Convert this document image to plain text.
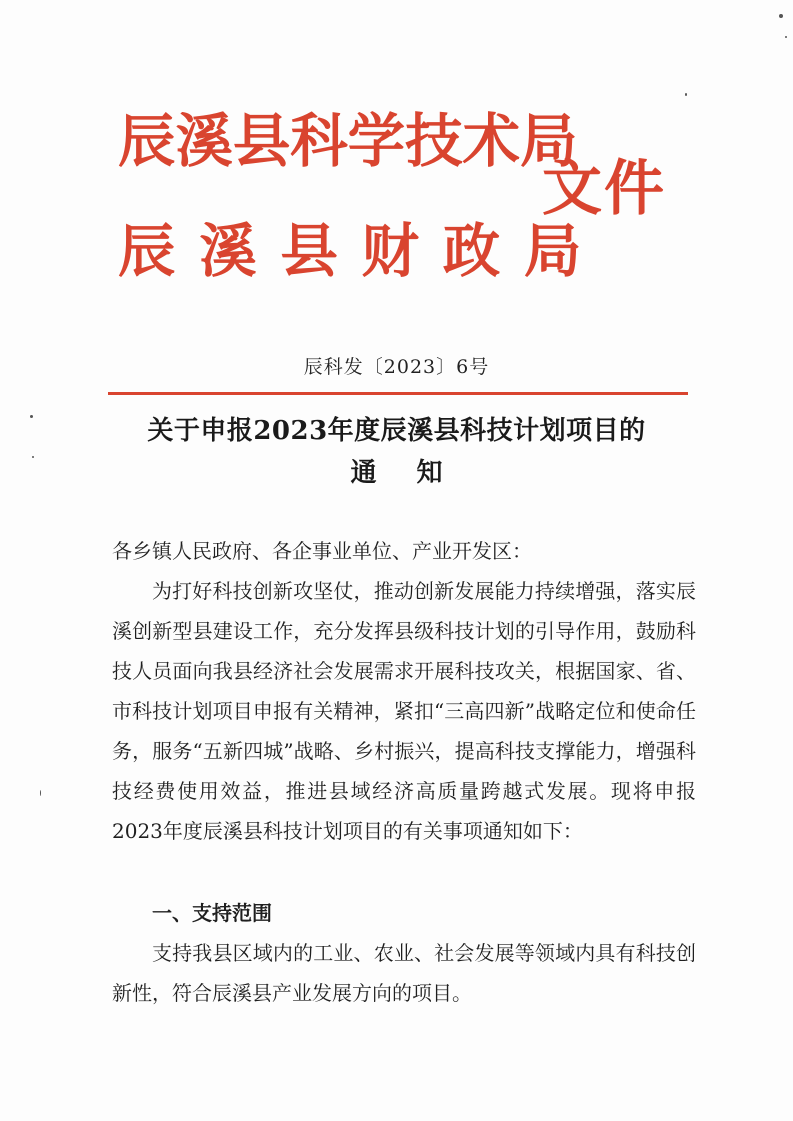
辰溪县科学技术局
辰溪县财政局
文件
辰科发〔2023〕6号
关于申报2023年度辰溪县科技计划项目的
通知
各乡镇人民政府、各企事业单位、产业开发区：
为打好科技创新攻坚仗，推动创新发展能力持续增强，落实辰溪创新型县建设工作，充分发挥县级科技计划的引导作用，鼓励科技人员面向我县经济社会发展需求开展科技攻关，根据国家、省、市科技计划项目申报有关精神，紧扣“三高四新”战略定位和使命任务，服务“五新四城”战略、乡村振兴，提高科技支撑能力，增强科技经费使用效益，推进县域经济高质量跨越式发展。现将申报2023年度辰溪县科技计划项目的有关事项通知如下：
一、支持范围
支持我县区域内的工业、农业、社会发展等领域内具有科技创新性，符合辰溪县产业发展方向的项目。
